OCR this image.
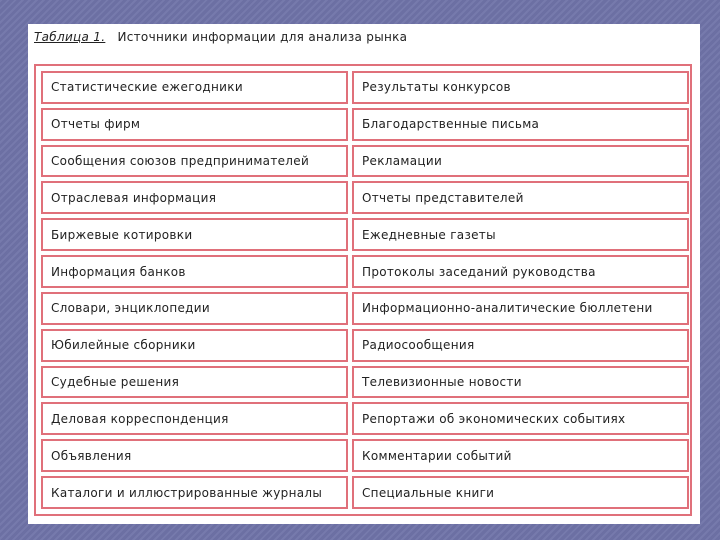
Таблица 1. Источники информации для анализа рынка
Статистические ежегодники	Результаты конкурсов
Отчеты фирм	Благодарственные письма
Сообщения союзов предпринимателей	Рекламации
Отраслевая информация	Отчеты представителей
Биржевые котировки	Ежедневные газеты
Информация банков	Протоколы заседаний руководства
Словари, энциклопедии	Информационно-аналитические бюллетени
Юбилейные сборники	Радиосообщения
Судебные решения	Телевизионные новости
Деловая корреспонденция	Репортажи об экономических событиях
Объявления	Комментарии событий
Каталоги и иллюстрированные журналы	Специальные книги
